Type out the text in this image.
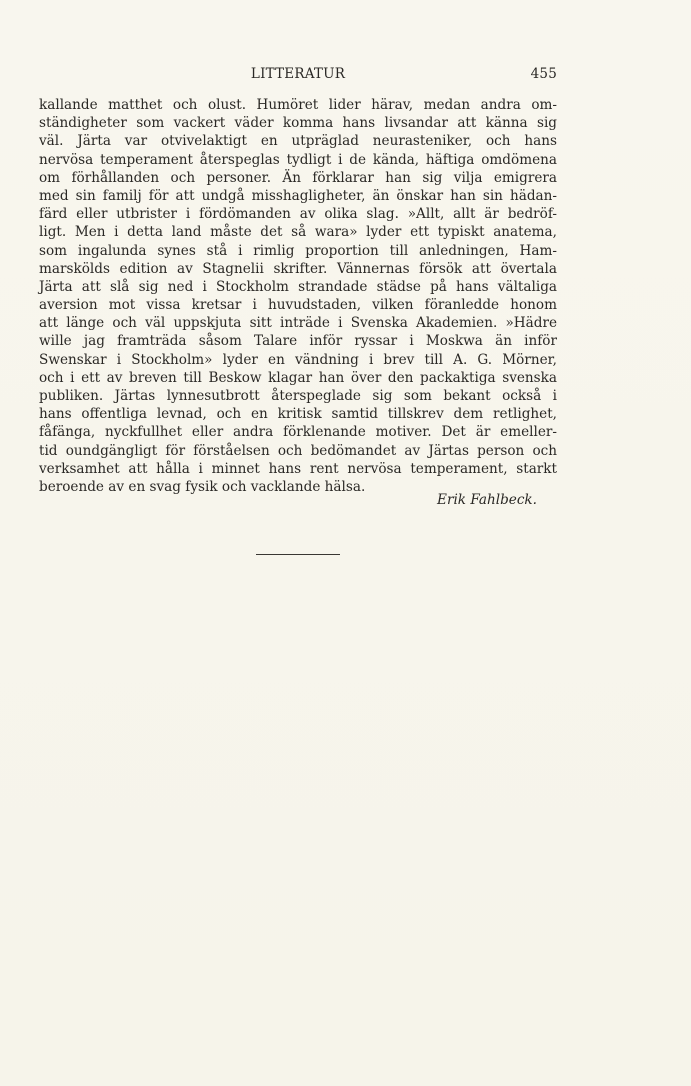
LITTERATUR	455
kallande matthet och olust. Humöret lider härav, medan andra om-
ständigheter som vackert väder komma hans livsandar att känna sig
väl. Järta var otvivelaktigt en utpräglad neurasteniker, och hans
nervösa temperament återspeglas tydligt i de kända, häftiga omdömena
om förhållanden och personer. Än förklarar han sig vilja emigrera
med sin familj för att undgå misshagligheter, än önskar han sin hädan-
färd eller utbrister i fördömanden av olika slag. »Allt, allt är bedröf-
ligt. Men i detta land måste det så wara» lyder ett typiskt anatema,
som ingalunda synes stå i rimlig proportion till anledningen, Ham-
marskölds edition av Stagnelii skrifter. Vännernas försök att övertala
Järta att slå sig ned i Stockholm strandade städse på hans vältaliga
aversion mot vissa kretsar i huvudstaden, vilken föranledde honom
att länge och väl uppskjuta sitt inträde i Svenska Akademien. »Hädre
wille jag framträda såsom Talare inför ryssar i Moskwa än inför
Swenskar i Stockholm» lyder en vändning i brev till A. G. Mörner,
och i ett av breven till Beskow klagar han över den packaktiga svenska
publiken. Järtas lynnesutbrott återspeglade sig som bekant också i
hans offentliga levnad, och en kritisk samtid tillskrev dem retlighet,
fåfänga, nyckfullhet eller andra förklenande motiver. Det är emeller-
tid oundgängligt för förståelsen och bedömandet av Järtas person och
verksamhet att hålla i minnet hans rent nervösa temperament, starkt
beroende av en svag fysik och vacklande hälsa.
Erik Fahlbeck.
